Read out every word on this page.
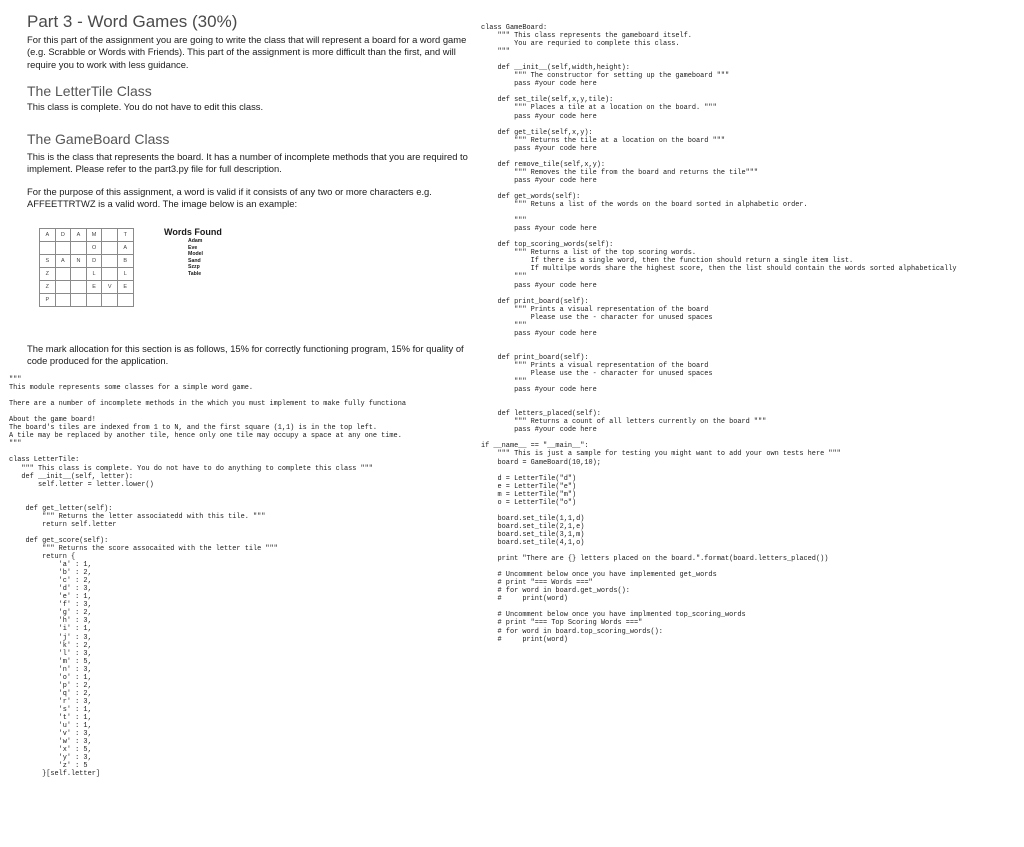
Part 3 - Word Games (30%)

For this part of the assignment you are going to write the class that will represent a board for a word game (e.g. Scrabble or Words with Friends). This part of the assignment is more difficult than the first, and will require you to work with less guidance.

The LetterTile Class

This class is complete. You do not have to edit this class.

The GameBoard Class

This is the class that represents the board. It has a number of incomplete methods that you are required to implement. Please refer to the part3.py file for full description.

For the purpose of this assignment, a word is valid if it consists of any two or more characters e.g. AFFEETTRTWZ is a valid word. The image below is an example:

A	D	A	M		T
			O		A
S	A	N	D		B
Z			L		L
Z			E	V	E
P					

Words Found

Adam

Eve

Model

Sand

Szzp

Table

The mark allocation for this section is as follows, 15% for correctly functioning program, 15% for quality of code produced for the application.

"""
This module represents some classes for a simple word game.

There are a number of incomplete methods in the which you must implement to make fully functiona

About the game board!
The board's tiles are indexed from 1 to N, and the first square (1,1) is in the top left.
A tile may be replaced by another tile, hence only one tile may occupy a space at any one time.
"""

class LetterTile:
""" This class is complete. You do not have to do anything to complete this class """
def __init__(self, letter):
self.letter = letter.lower()

def get_letter(self):
""" Returns the letter associatedd with this tile. """
return self.letter

def get_score(self):
""" Returns the score assocaited with the letter tile """
return {
'a' : 1,
'b' : 2,
'c' : 2,
'd' : 3,
'e' : 1,
'f' : 3,
'g' : 2,
'h' : 3,
'i' : 1,
'j' : 3,
'k' : 2,
'l' : 3,
'm' : 5,
'n' : 3,
'o' : 1,
'p' : 2,
'q' : 2,
'r' : 3,
's' : 1,
't' : 1,
'u' : 1,
'v' : 3,
'w' : 3,
'x' : 5,
'y' : 3,
'z' : 5
}[self.letter]
class GameBoard:
""" This class represents the gameboard itself.
You are requried to complete this class.
"""

def __init__(self,width,height):
""" The constructor for setting up the gameboard """
pass #your code here

def set_tile(self,x,y,tile):
""" Places a tile at a location on the board. """
pass #your code here

def get_tile(self,x,y):
""" Returns the tile at a location on the board """
pass #your code here

def remove_tile(self,x,y):
""" Removes the tile from the board and returns the tile"""
pass #your code here

def get_words(self):
""" Retuns a list of the words on the board sorted in alphabetic order.

"""
pass #your code here

def top_scoring_words(self):
""" Returns a list of the top scoring words.
If there is a single word, then the function should return a single item list.
If multilpe words share the highest score, then the list should contain the words sorted alphabetically
"""
pass #your code here

def print_board(self):
""" Prints a visual representation of the board
Please use the - character for unused spaces
"""
pass #your code here

def print_board(self):
""" Prints a visual representation of the board
Please use the - character for unused spaces
"""
pass #your code here

def letters_placed(self):
""" Returns a count of all letters currently on the board """
pass #your code here

if __name__ == "__main__":
""" This is just a sample for testing you might want to add your own tests here """
board = GameBoard(10,10);

d = LetterTile("d")
e = LetterTile("e")
m = LetterTile("m")
o = LetterTile("o")

board.set_tile(1,1,d)
board.set_tile(2,1,e)
board.set_tile(3,1,m)
board.set_tile(4,1,o)

print "There are {} letters placed on the board.".format(board.letters_placed())

# Uncomment below once you have implemented get_words
# print "=== Words ==="
# for word in board.get_words():
#     print(word)

# Uncomment below once you have implmented top_scoring_words
# print "=== Top Scoring Words ==="
# for word in board.top_scoring_words():
#     print(word)
